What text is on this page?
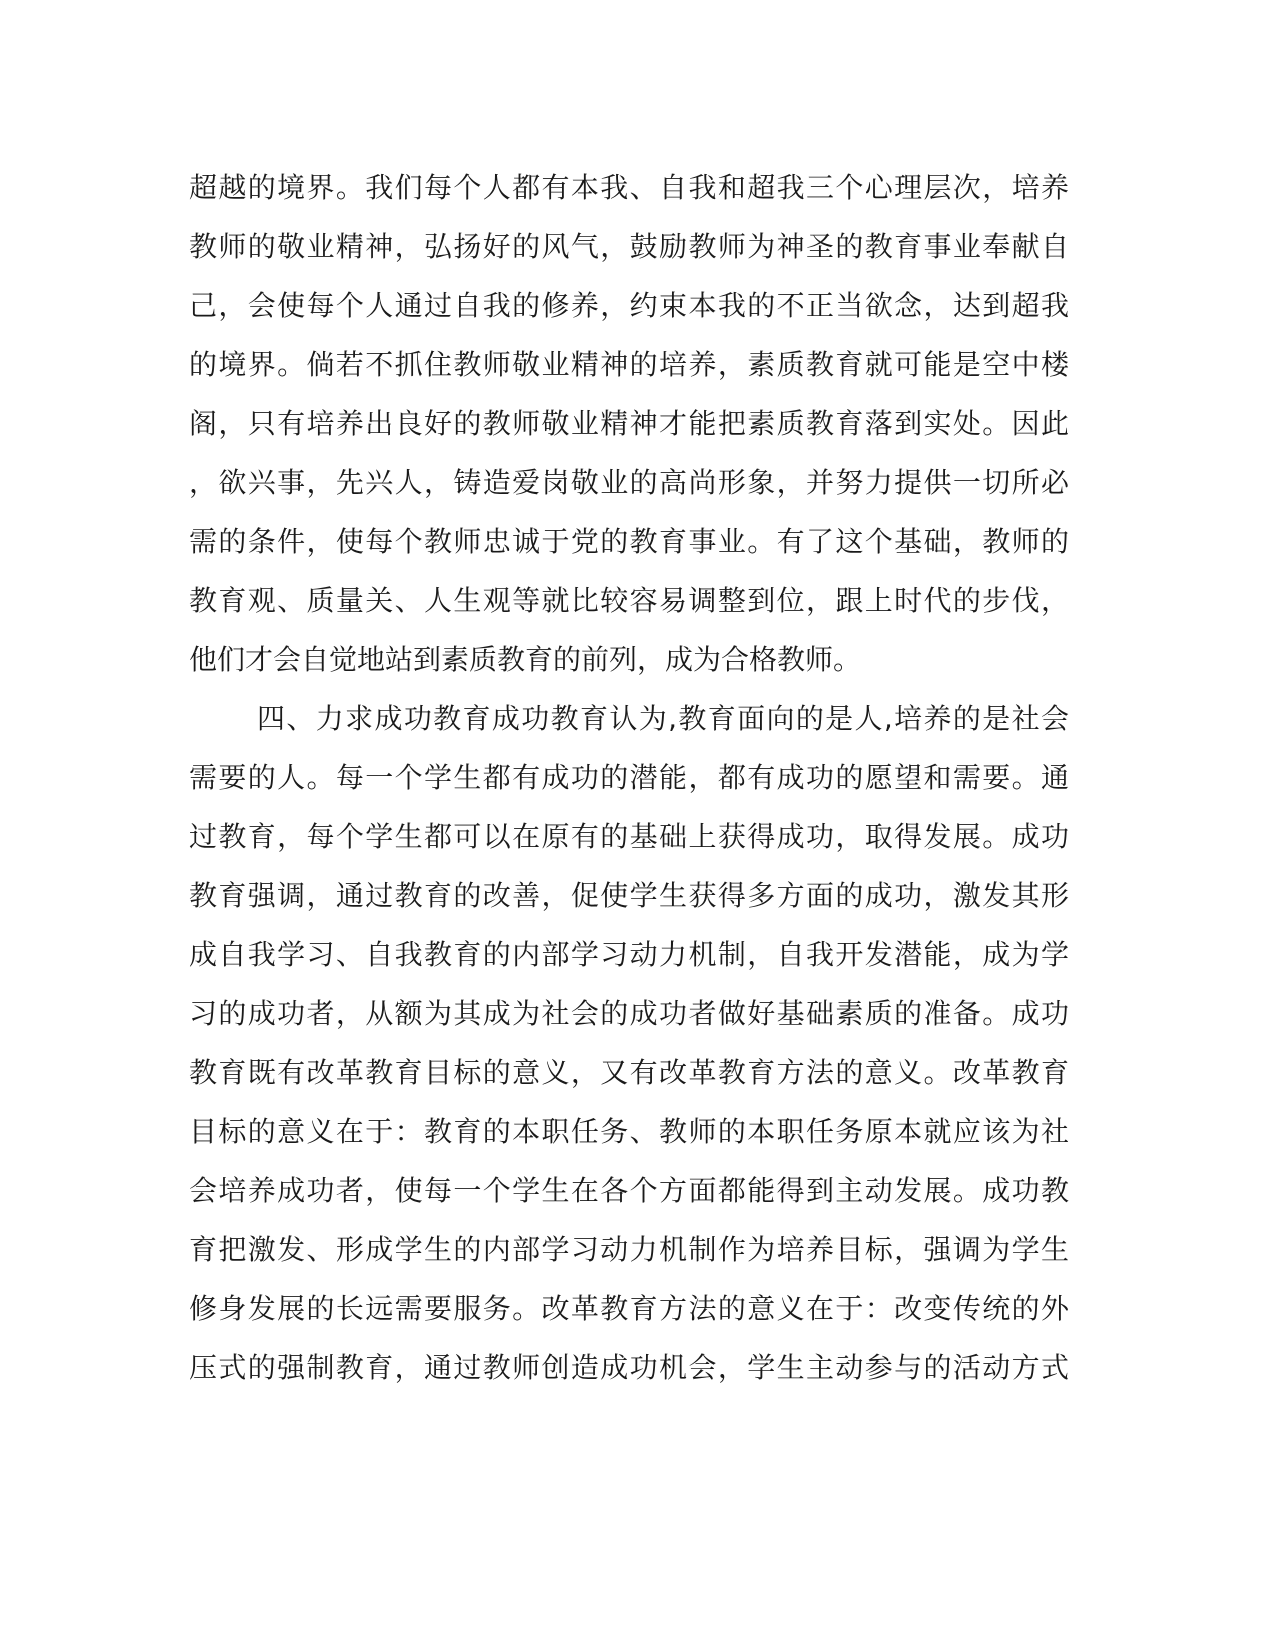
超越的境界。我们每个人都有本我、自我和超我三个心理层次，培养
教师的敬业精神，弘扬好的风气，鼓励教师为神圣的教育事业奉献自
己，会使每个人通过自我的修养，约束本我的不正当欲念，达到超我
的境界。倘若不抓住教师敬业精神的培养，素质教育就可能是空中楼
阁，只有培养出良好的教师敬业精神才能把素质教育落到实处。因此
，欲兴事，先兴人，铸造爱岗敬业的高尚形象，并努力提供一切所必
需的条件，使每个教师忠诚于党的教育事业。有了这个基础，教师的
教育观、质量关、人生观等就比较容易调整到位，跟上时代的步伐，
他们才会自觉地站到素质教育的前列，成为合格教师。
四、力求成功教育成功教育认为,教育面向的是人,培养的是社会
需要的人。每一个学生都有成功的潜能，都有成功的愿望和需要。通
过教育，每个学生都可以在原有的基础上获得成功，取得发展。成功
教育强调，通过教育的改善，促使学生获得多方面的成功，激发其形
成自我学习、自我教育的内部学习动力机制，自我开发潜能，成为学
习的成功者，从额为其成为社会的成功者做好基础素质的准备。成功
教育既有改革教育目标的意义，又有改革教育方法的意义。改革教育
目标的意义在于：教育的本职任务、教师的本职任务原本就应该为社
会培养成功者，使每一个学生在各个方面都能得到主动发展。成功教
育把激发、形成学生的内部学习动力机制作为培养目标，强调为学生
修身发展的长远需要服务。改革教育方法的意义在于：改变传统的外
压式的强制教育，通过教师创造成功机会，学生主动参与的活动方式
